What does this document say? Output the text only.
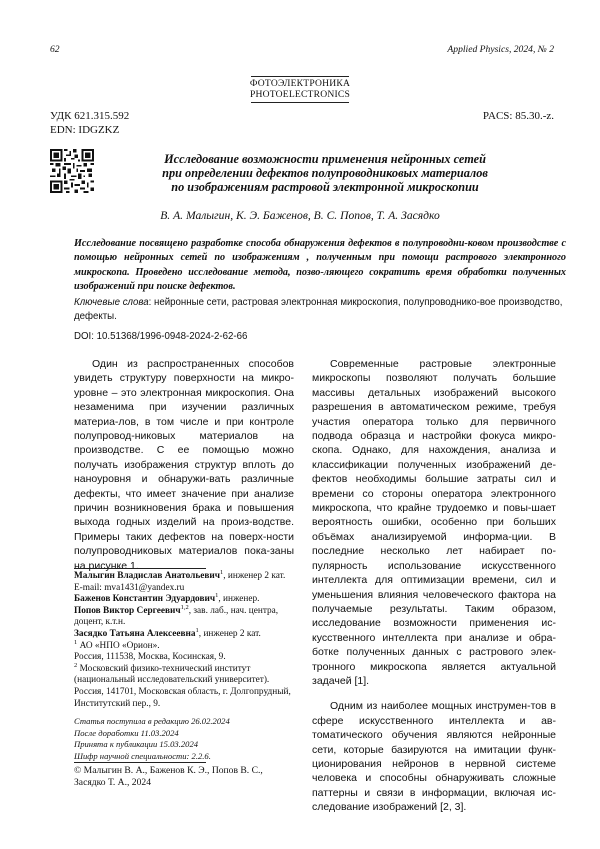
62	Applied Physics, 2024, № 2
ФОТОЭЛЕКТРОНИКА
PHOTOELECTRONICS
УДК 621.315.592
EDN: IDGZKZ
PACS: 85.30.-z.
Исследование возможности применения нейронных сетей
при определении дефектов полупроводниковых материалов
по изображениям растровой электронной микроскопии
В. А. Малыгин, К. Э. Баженов, В. С. Попов, Т. А. Засядко
Исследование посвящено разработке способа обнаружения дефектов в полупроводни-ковом производстве с помощью нейронных сетей по изображениям , полученным при помощи растрового электронного микроскопа. Проведено исследование метода, позво-ляющего сократить время обработки полученных изображений при поиске дефектов.
Ключевые слова: нейронные сети, растровая электронная микроскопия, полупроводнико-вое производство, дефекты.
DOI: 10.51368/1996-0948-2024-2-62-66

Один из распространенных способов увидеть структуру поверхности на микро-уровне – это электронная микроскопия. Она незаменима при изучении различных материа-лов, в том числе и при контроле полупровод-никовых материалов на производстве. С ее помощью можно получать изображения структур вплоть до наноуровня и обнаружи-вать различные дефекты, что имеет значение при анализе причин возникновения брака и повышения выхода годных изделий на произ-водстве. Примеры таких дефектов на поверх-ности полупроводниковых материалов пока-заны на рисунке 1.

Современные растровые электронные микроскопы позволяют получать большие массивы детальных изображений высокого разрешения в автоматическом режиме, требуя участия оператора только для первичного подвода образца и настройки фокуса микро-скопа. Однако, для нахождения, анализа и классификации полученных изображений де-фектов необходимы большие затраты сил и времени со стороны оператора электронного микроскопа, что крайне трудоемко и повы-шает вероятность ошибки, особенно при больших объёмах анализируемой информа-ции. В последние несколько лет набирает по-пулярность использование искусственного интеллекта для оптимизации времени, сил и уменьшения влияния человеческого фактора на получаемые результаты. Таким образом, исследование возможности применения ис-кусственного интеллекта при анализе и обра-ботке полученных данных с растрового элек-тронного микроскопа является актуальной задачей [1].

Одним из наиболее мощных инструмен-тов в сфере искусственного интеллекта и ав-томатического обучения являются нейронные сети, которые базируются на имитации функ-ционирования нейронов в нервной системе человека и способны обнаруживать сложные паттерны и связи в информации, включая ис-следование изображений [2, 3].

Малыгин Владислав Анатольевич$^1$, инженер 2 кат.
E-mail: mva1431@yandex.ru
Баженов Константин Эдуардович$^1$, инженер.
Попов Виктор Сергеевич$^{1,2}$, зав. лаб., нач. центра,
доцент, к.т.н.
Засядко Татьяна Алексеевна$^1$, инженер 2 кат.
$^1$ АО «НПО «Орион».
Россия, 111538, Москва, Косинская, 9.
$^2$ Московский физико-технический институт (национальный исследовательский университет).
Россия, 141701, Московская область, г. Долгопрудный, Институтский пер., 9.
Статья поступила в редакцию 26.02.2024
После доработки 11.03.2024
Принята к публикации 15.03.2024
Шифр научной специальности: 2.2.6.
© Малыгин В. А., Баженов К. Э., Попов В. С., Засядко Т. А., 2024
